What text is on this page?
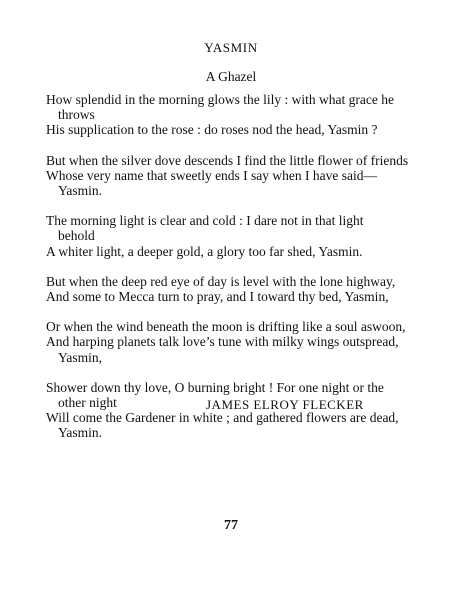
YASMIN
A Ghazel
How splendid in the morning glows the lily : with what grace he
throws
His supplication to the rose : do roses nod the head, Yasmin ?
But when the silver dove descends I find the little flower of friends
Whose very name that sweetly ends I say when I have said—
Yasmin.
The morning light is clear and cold : I dare not in that light
behold
A whiter light, a deeper gold, a glory too far shed, Yasmin.
But when the deep red eye of day is level with the lone highway,
And some to Mecca turn to pray, and I toward thy bed, Yasmin,
Or when the wind beneath the moon is drifting like a soul aswoon,
And harping planets talk love’s tune with milky wings outspread,
Yasmin,
Shower down thy love, O burning bright ! For one night or the
other night
Will come the Gardener in white ; and gathered flowers are dead,
Yasmin.
JAMES ELROY FLECKER
77
